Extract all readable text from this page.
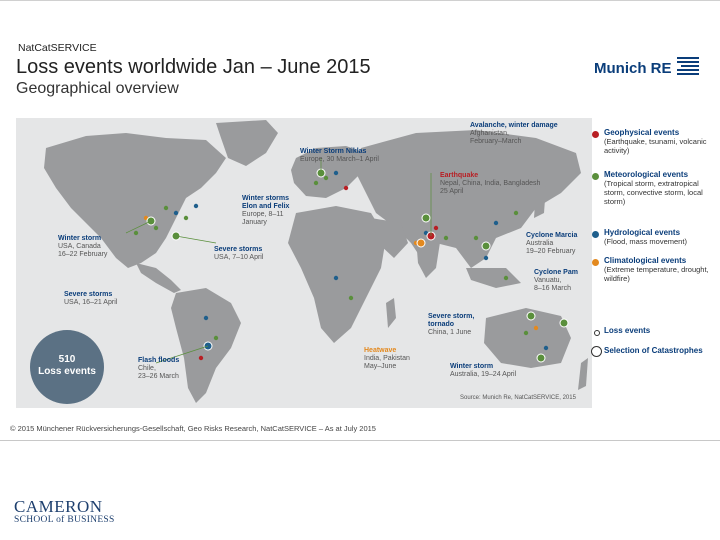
NatCatSERVICE
Loss events worldwide Jan – June 2015
Geographical overview
Munich RE
Winter Storm Niklas
Europe, 30 March–1 April
Avalanche, winter damage
Afghanistan,
February–March
Earthquake
Nepal, China, India, Bangladesh
25 April
Winter storms
Elon and Felix
Europe, 8–11
January
Winter storm
USA, Canada
16–22 February
Severe storms
USA, 7–10 April
Severe storms
USA, 16–21 April
Cyclone Marcia
Australia
19–20 February
Cyclone Pam
Vanuatu,
8–16 March
Severe storm,
tornado
China, 1 June
Heatwave
India, Pakistan
May–June
Flash floods
Chile,
23–26 March
Winter storm
Australia, 19–24 April
510
Loss events
Source: Munich Re, NatCatSERVICE, 2015
Geophysical events
(Earthquake, tsunami, volcanic activity)
Meteorological events
(Tropical storm, extratropical storm, convective storm, local storm)
Hydrological events
(Flood, mass movement)
Climatological events
(Extreme temperature, drought, wildfire)
Loss events
Selection of Catastrophes
© 2015 Münchener Rückversicherungs-Gesellschaft, Geo Risks Research, NatCatSERVICE – As at July 2015
CAMERON
SCHOOL of BUSINESS
